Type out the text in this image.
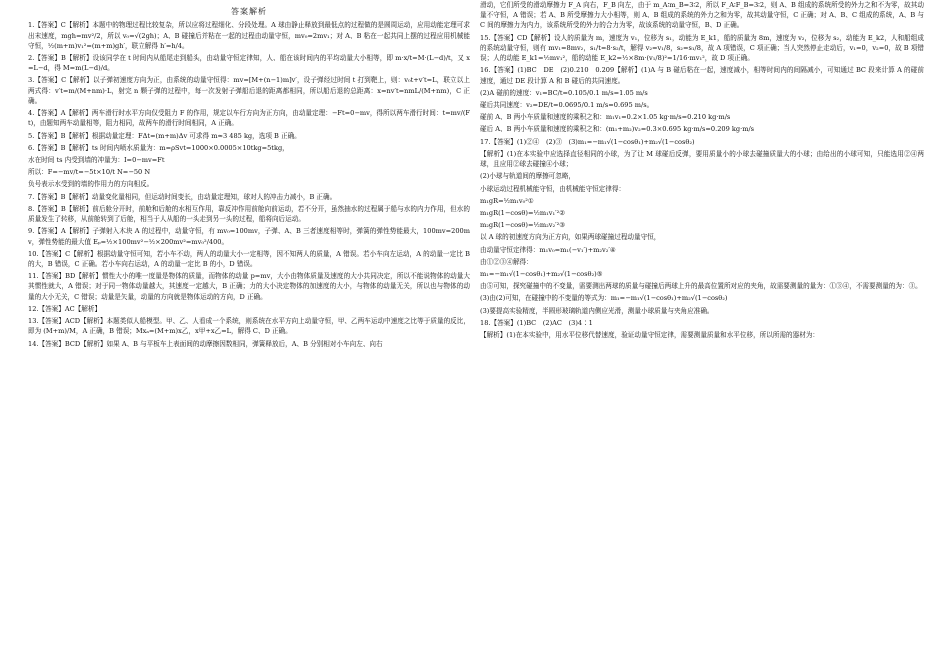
答案解析

1.【答案】C【解析】本题中的物理过程比较复杂，所以应将过程细化、分段处理。A 球由静止释放到最低点的过程做的是圆周运动，应用动能定理可求出末速度，mgh=mv²/2，所以 v₀=√(2gh)；A、B 碰撞后并粘在一起的过程由动量守恒，mv₀=2mv₁；对 A、B 粘在一起共同上摆的过程应用机械能守恒，½(m+m)v₁²=(m+m)gh′，联立解得 h′=h/4。

2.【答案】B【解析】设该同学在 t 时间内从船尾走到船头，由动量守恒定律知，人、船在该时间内的平均动量大小相等，即 m·x/t=M·(L−d)/t，又 x=L−d，得 M=m(L−d)/d。

3.【答案】C【解析】以子弹初速度方向为正，由系统的动量守恒得：mv=[M+(n−1)m]v′，设子弹经过时间 t 打到靶上，则：v₀t+v′t=L，联立以上两式得：v′t=m/(M+nm)·L，射完 n 颗子弹的过程中，每一次发射子弹船后退的距离都相同，所以船后退的总距离：x=nv′t=nmL/(M+nm)，C 正确。

4.【答案】A【解析】两车滑行时水平方向仅受阻力 F 的作用，规定以车行方向为正方向，由动量定理：−Ft=0−mv，得所以两车滑行时间：t=mv/(Ft)，由题知两车动量相等，阻力相同，故两车的滑行时间相同，A 正确。

5.【答案】B【解析】根据动量定理：FΔt=(m+m)Δv 可求得 m≈3 485 kg，选项 B 正确。

6.【答案】B【解析】ts 时间内喷水质量为：m=ρSvt=1000×0.0005×10tkg=5tkg，

水在时间 ts 内受到墙的冲量为：I=0−mv=Ft

所以：F=−mv/t=−5t×10/t N=−50 N

负号表示水受到的墙的作用力的方向相反。

7.【答案】B【解析】动量变化量相同，但运动时间变长，由动量定理知，球对人的冲击力减小，B 正确。

8.【答案】B【解析】前后舱分开时，前舱和后舱的水相互作用，靠反冲作用前舱向前运动，若不分开，虽然抽水的过程属于船与水的内力作用，但水的质量发生了转移，从前舱转到了后舱，相当于人从船的一头走到另一头的过程，船将向后运动。

9.【答案】A【解析】子弹射入木块 A 的过程中，动量守恒，有 mv₀=100mv，子弹、A、B 三者速度相等时，弹簧的弹性势能最大，100mv=200mv，弹性势能的最大值 Eₚ=½×100mv²−½×200mv²=mv₀²/400。

10.【答案】C【解析】根据动量守恒可知，若小车不动，两人的动量大小一定相等，因不知两人的质量，A 错误。若小车向左运动，A 的动量一定比 B 的大，B 错误，C 正确。若小车向右运动，A 的动量一定比 B 的小，D 错误。

11.【答案】BD【解析】惯性大小的唯一度量是物体的质量，而物体的动量 p=mv，大小由物体质量及速度的大小共同决定，所以不能说物体的动量大其惯性就大，A 错误；对于同一物体动量越大，其速度一定越大，B 正确；力的大小决定物体的加速度的大小，与物体的动量无关，所以也与物体的动量的大小无关，C 错误；动量是矢量，动量的方向就是物体运动的方向，D 正确。

12.【答案】AC【解析】

13.【答案】ACD【解析】本题类似人船模型。甲、乙、人看成一个系统，则系统在水平方向上动量守恒，甲、乙两车运动中速度之比等于质量的反比，即为 (M+m)/M，A 正确，B 错误；Mxₐ=(M+m)x乙，x甲+x乙=L，解得 C、D 正确。

14.【答案】BCD【解析】如果 A、B 与平板车上表面间的动摩擦因数相同，弹簧释放后，A、B 分别相对小车向左、向右

滑动，它们所受的滑动摩擦力 F_A 向右，F_B 向左，由于 m_A∶m_B=3∶2，所以 F_A∶F_B=3∶2，则 A、B 组成的系统所受的外力之和不为零，故其动量不守恒，A 错误；若 A、B 所受摩擦力大小相等，则 A、B 组成的系统的外力之和为零，故其动量守恒，C 正确；对 A、B、C 组成的系统，A、B 与 C 间的摩擦力为内力，该系统所受的外力的合力为零，故该系统的动量守恒，B、D 正确。

15.【答案】CD【解析】设人的质量为 m，速度为 v₁，位移为 s₁，动能为 E_k1，船的质量为 8m，速度为 v₂，位移为 s₂，动能为 E_k2，人和船组成的系统动量守恒，则有 mv₁=8mv₂，s₁/t=8·s₂/t，解得 v₂=v₁/8，s₂=s₁/8，故 A 项错误，C 项正确；当人突然停止走动后，v₁=0，v₂=0，故 B 项错误；人的动能 E_k1=½mv₁²，船的动能 E_k2=½×8m·(v₁/8)²=1/16·mv₁²，故 D 项正确。

16.【答案】(1)BC　DE　(2)0.210　0.209【解析】(1)A 与 B 碰后粘在一起，速度减小，相等时间内的间隔减小，可知通过 BC 段来计算 A 的碰前速度，通过 DE 段计算 A 和 B 碰后的共同速度。

(2)A 碰前的速度：v₁=BC/t=0.105/0.1 m/s=1.05 m/s

碰后共同速度：v₂=DE/t=0.0695/0.1 m/s=0.695 m/s。

碰前 A、B 两小车质量和速度的乘积之和：m₁v₁=0.2×1.05 kg·m/s=0.210 kg·m/s

碰后 A、B 两小车质量和速度的乘积之和：(m₁+m₂)v₂=0.3×0.695 kg·m/s=0.209 kg·m/s

17.【答案】(1)②④　(2)③　(3)m₁=−m₁√(1−cosθ₁)+m₂√(1−cosθ₂)

【解析】(1)在本实验中应选择直径相同的小球，为了让 M 球碰后反弹，要用质量小的小球去碰撞质量大的小球；由给出的小球可知，只能选用②④两球，且应用②球去碰撞④小球；

(2)小球与轨道间的摩擦可忽略，

小球运动过程机械能守恒，由机械能守恒定律得：

m₁gR=½m₁v₀²①

m₁gR(1−cosθ)=½m₁v₁′²②

m₂gR(1−cosθ)=½m₂v₂′²③

以 A 球的初速度方向为正方向，如果两球碰撞过程动量守恒，

由动量守恒定律得：m₁v₀=m₁(−v₁′)+m₂v₂′④

由①②③④解得：

m₁=−m₁√(1−cosθ₁)+m₂√(1−cosθ₂)⑤

由⑤可知，探究碰撞中的不变量，需要测出两球的质量与碰撞后两球上升的最高位置所对应的夹角，故需要测量的量为：①③④，不需要测量的为：③。

(3)由(2)可知，在碰撞中的不变量的等式为：m₁=−m₁√(1−cosθ₁)+m₂√(1−cosθ₂)

(3)要提高实验精度，半圆形玻璃轨道内侧应光滑，测量小球质量与夹角应准确。

18.【答案】(1)BC　(2)AC　(3)4∶1

【解析】(1)在本实验中，用水平位移代替速度，验证动量守恒定律，需要测量质量和水平位移，所以所需的器材为：
